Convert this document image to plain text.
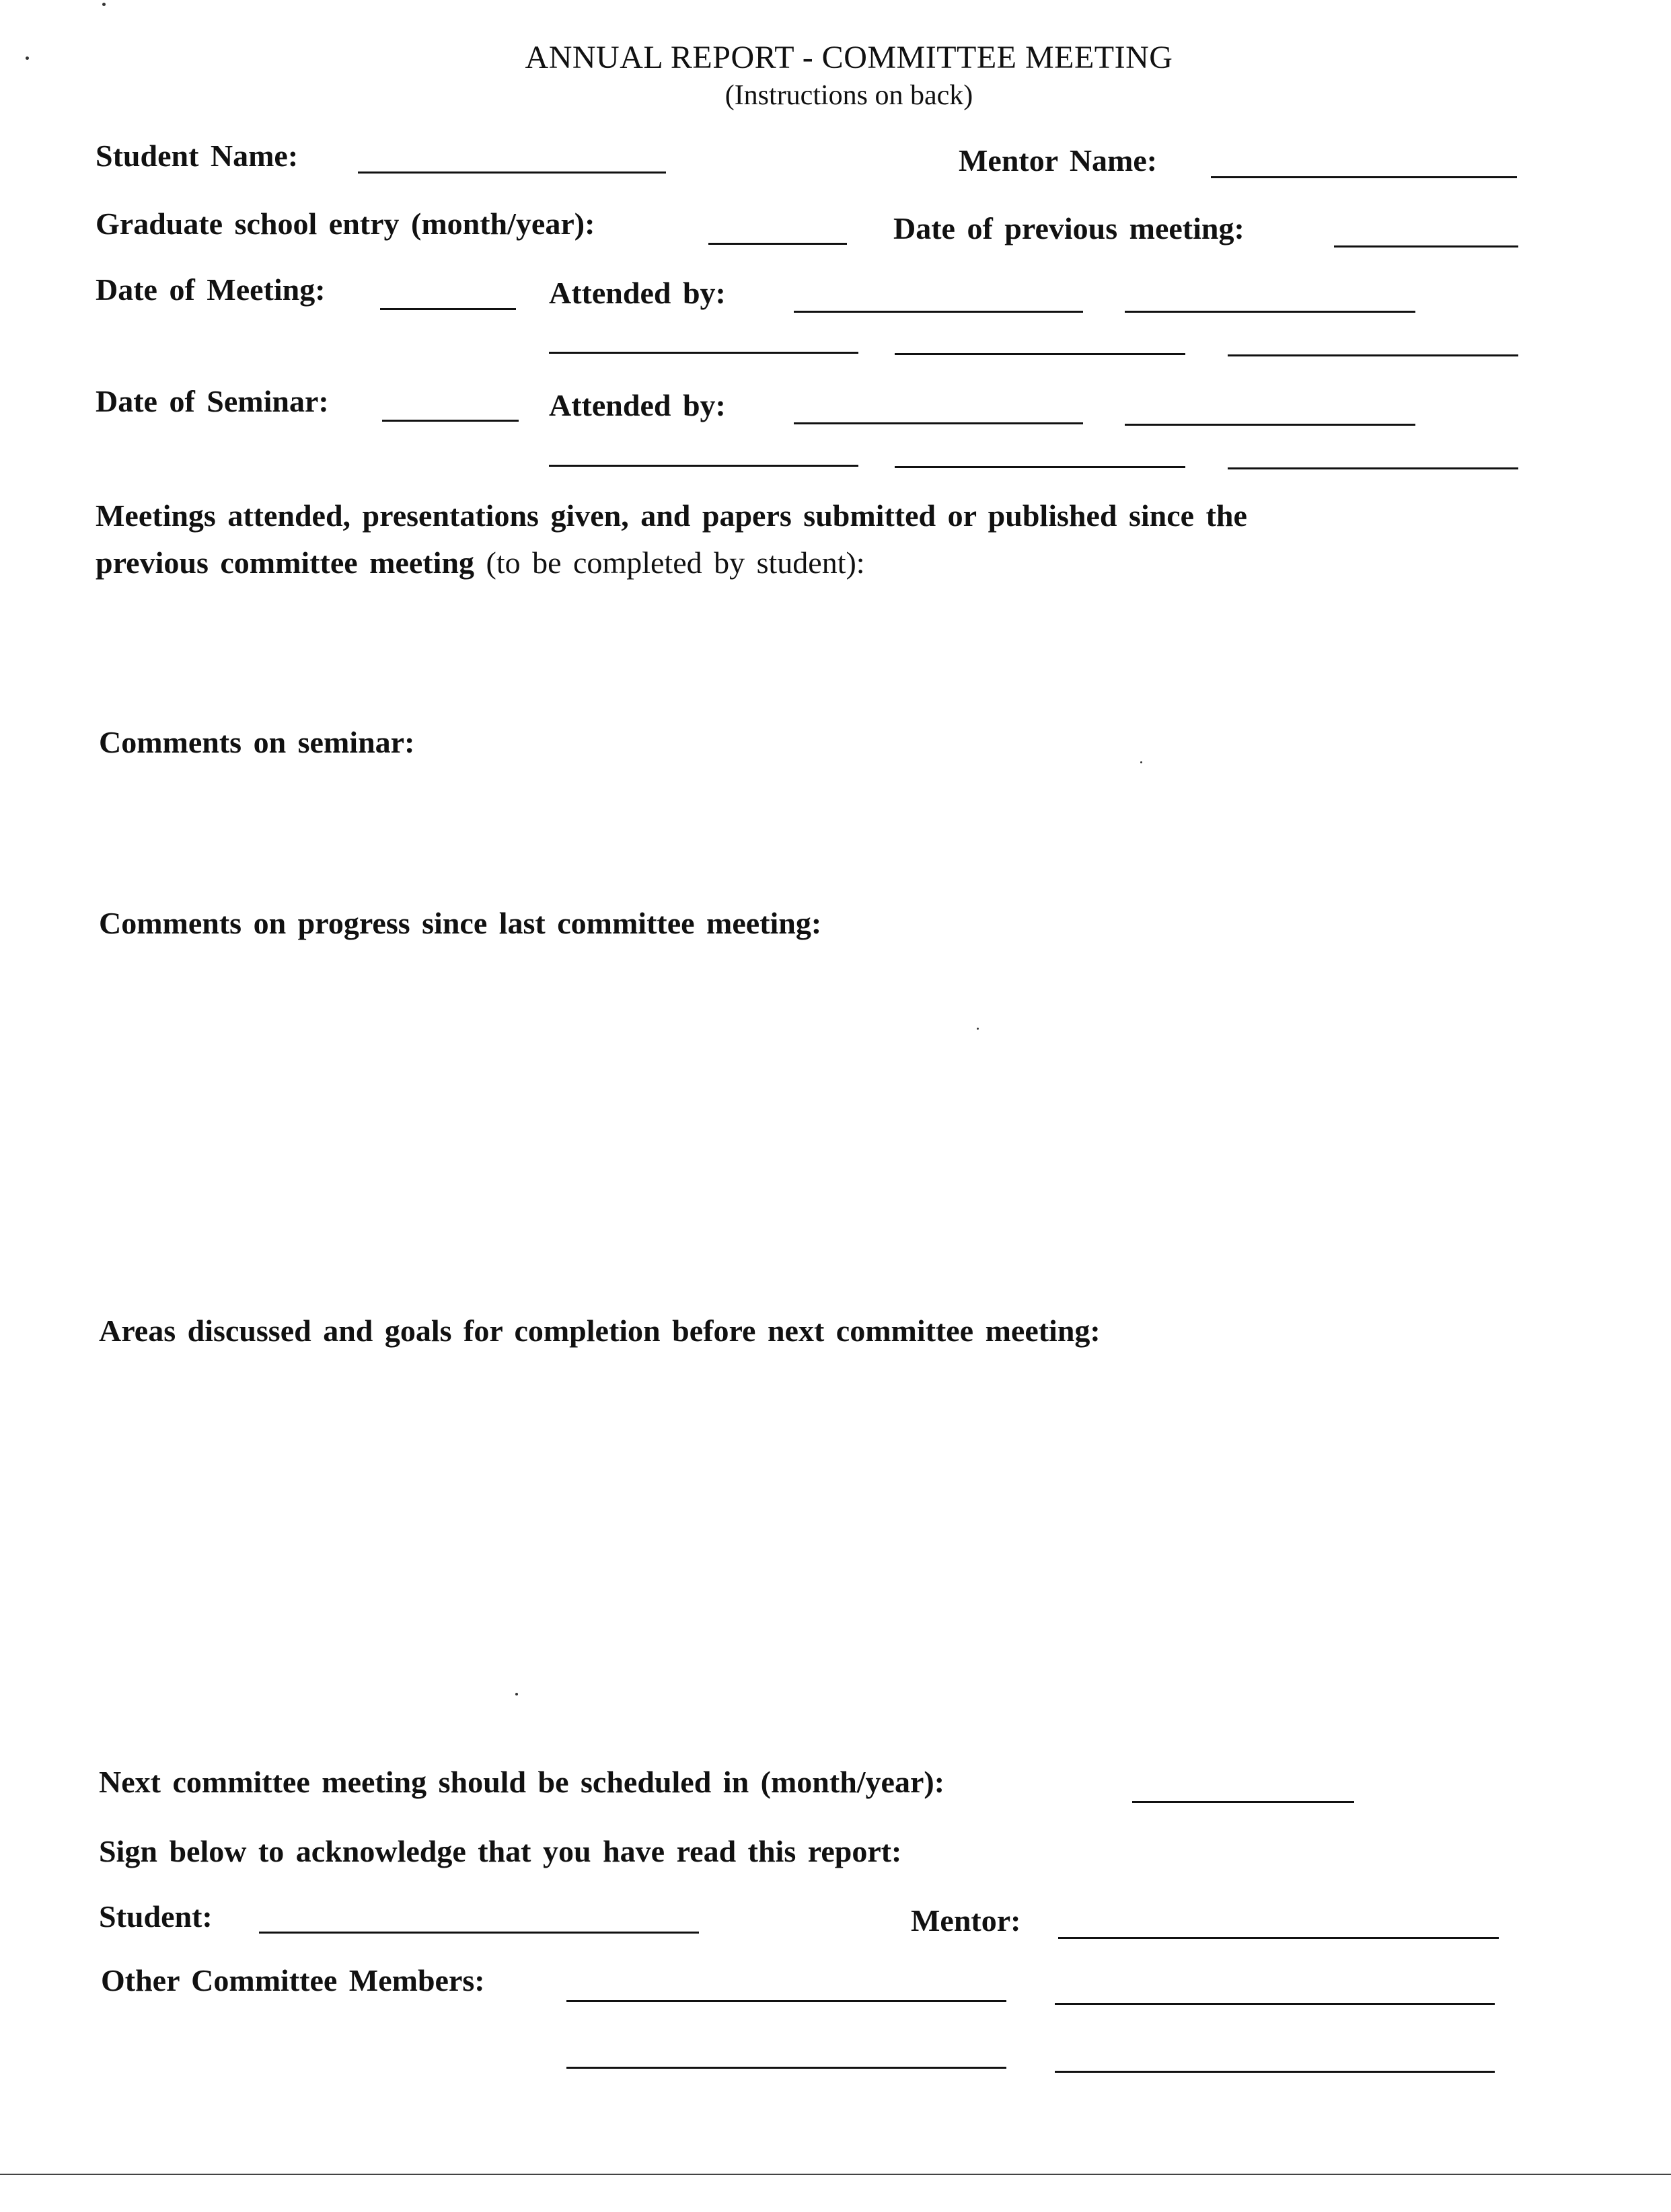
ANNUAL REPORT - COMMITTEE MEETING
(Instructions on back)
Student Name:	Mentor Name:
Graduate school entry (month/year):	Date of previous meeting:
Date of Meeting:	Attended by:
Date of Seminar:	Attended by:
Meetings attended, presentations given, and papers submitted or published since the
previous committee meeting (to be completed by student):
Comments on seminar:
Comments on progress since last committee meeting:
Areas discussed and goals for completion before next committee meeting:
Next committee meeting should be scheduled in (month/year):
Sign below to acknowledge that you have read this report:
Student:	Mentor:
Other Committee Members:
